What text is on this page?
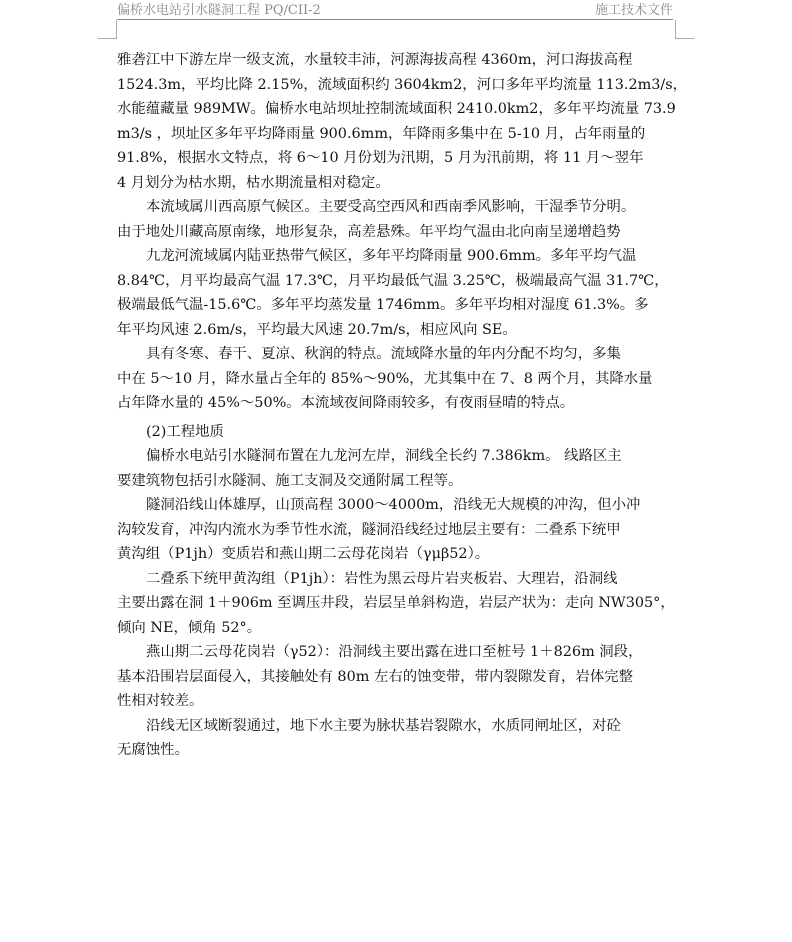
偏桥水电站引水隧洞工程 PQ/CII-2	施工技术文件
雅砻江中下游左岸一级支流，水量较丰沛，河源海拔高程 4360m，河口海拔高程
1524.3m，平均比降 2.15%，流域面积约 3604km2，河口多年平均流量 113.2m3/s，
水能蕴藏量 989MW。偏桥水电站坝址控制流域面积 2410.0km2，多年平均流量 73.9
m3/s ，坝址区多年平均降雨量 900.6mm，年降雨多集中在 5-10 月，占年雨量的
91.8%，根据水文特点，将 6～10 月份划为汛期，5 月为汛前期，将 11 月～翌年
4 月划分为枯水期，枯水期流量相对稳定。
本流域属川西高原气候区。主要受高空西风和西南季风影响，干湿季节分明。
由于地处川藏高原南缘，地形复杂，高差悬殊。年平均气温由北向南呈递增趋势
九龙河流域属内陆亚热带气候区，多年平均降雨量 900.6mm。多年平均气温
8.84℃，月平均最高气温 17.3℃，月平均最低气温 3.25℃，极端最高气温 31.7℃，
极端最低气温-15.6℃。多年平均蒸发量 1746mm。多年平均相对湿度 61.3%。多
年平均风速 2.6m/s，平均最大风速 20.7m/s，相应风向 SE。
具有冬寒、春干、夏凉、秋润的特点。流域降水量的年内分配不均匀，多集
中在 5～10 月，降水量占全年的 85%～90%，尤其集中在 7、8 两个月，其降水量
占年降水量的 45%～50%。本流域夜间降雨较多，有夜雨昼晴的特点。
(2)工程地质
偏桥水电站引水隧洞布置在九龙河左岸，洞线全长约 7.386km。 线路区主
要建筑物包括引水隧洞、施工支洞及交通附属工程等。
隧洞沿线山体雄厚，山顶高程 3000～4000m，沿线无大规模的冲沟，但小冲
沟较发育，冲沟内流水为季节性水流，隧洞沿线经过地层主要有：二叠系下统甲
黄沟组（P1jh）变质岩和燕山期二云母花岗岩（γμβ52）。
二叠系下统甲黄沟组（P1jh）：岩性为黑云母片岩夹板岩、大理岩，沿洞线
主要出露在洞 1＋906m 至调压井段，岩层呈单斜构造，岩层产状为：走向 NW305°，
倾向 NE，倾角 52°。
燕山期二云母花岗岩（γ52）：沿洞线主要出露在进口至桩号 1＋826m 洞段，
基本沿围岩层面侵入，其接触处有 80m 左右的蚀变带，带内裂隙发育，岩体完整
性相对较差。
沿线无区域断裂通过，地下水主要为脉状基岩裂隙水，水质同闸址区，对砼
无腐蚀性。
